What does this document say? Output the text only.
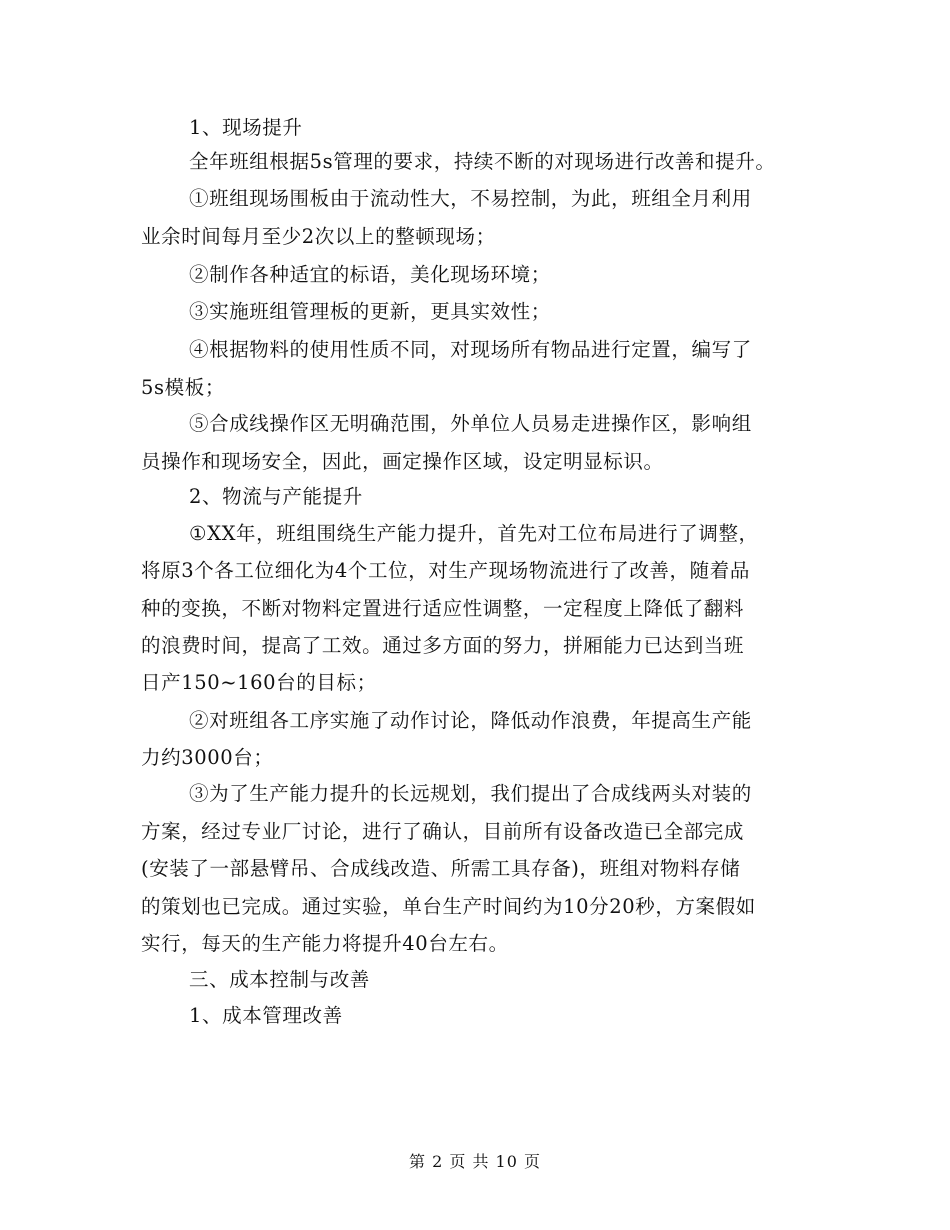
1、现场提升
全年班组根据5s管理的要求，持续不断的对现场进行改善和提升。
①班组现场围板由于流动性大，不易控制，为此，班组全月利用
业余时间每月至少2次以上的整顿现场；
②制作各种适宜的标语，美化现场环境；
③实施班组管理板的更新，更具实效性；
④根据物料的使用性质不同，对现场所有物品进行定置，编写了
5s模板；
⑤合成线操作区无明确范围，外单位人员易走进操作区，影响组
员操作和现场安全，因此，画定操作区域，设定明显标识。
2、物流与产能提升
①XX年，班组围绕生产能力提升，首先对工位布局进行了调整，
将原3个各工位细化为4个工位，对生产现场物流进行了改善，随着品
种的变换，不断对物料定置进行适应性调整，一定程度上降低了翻料
的浪费时间，提高了工效。通过多方面的努力，拼厢能力已达到当班
日产150~160台的目标；
②对班组各工序实施了动作讨论，降低动作浪费，年提高生产能
力约3000台；
③为了生产能力提升的长远规划，我们提出了合成线两头对装的
方案，经过专业厂讨论，进行了确认，目前所有设备改造已全部完成
(安装了一部悬臂吊、合成线改造、所需工具存备)，班组对物料存储
的策划也已完成。通过实验，单台生产时间约为10分20秒，方案假如
实行，每天的生产能力将提升40台左右。
三、成本控制与改善
1、成本管理改善
第 2 页 共 10 页
